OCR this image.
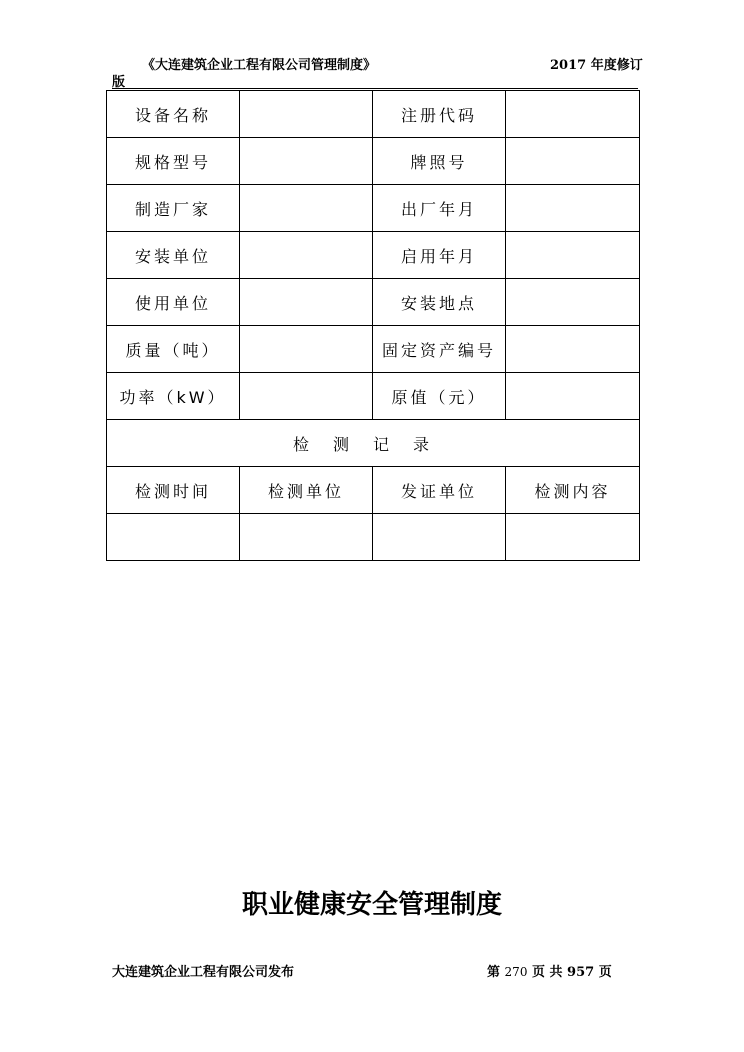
《大连建筑企业工程有限公司管理制度》	2017 年度修订
版
设备名称		注册代码	
规格型号		牌照号	
制造厂家		出厂年月	
安装单位		启用年月	
使用单位		安装地点	
质量（吨）		固定资产编号	
功率（kW）		原值（元）	
检测记录			
检测时间	检测单位	发证单位	检测内容

职业健康安全管理制度
大连建筑企业工程有限公司发布	第 270 页 共 957 页
